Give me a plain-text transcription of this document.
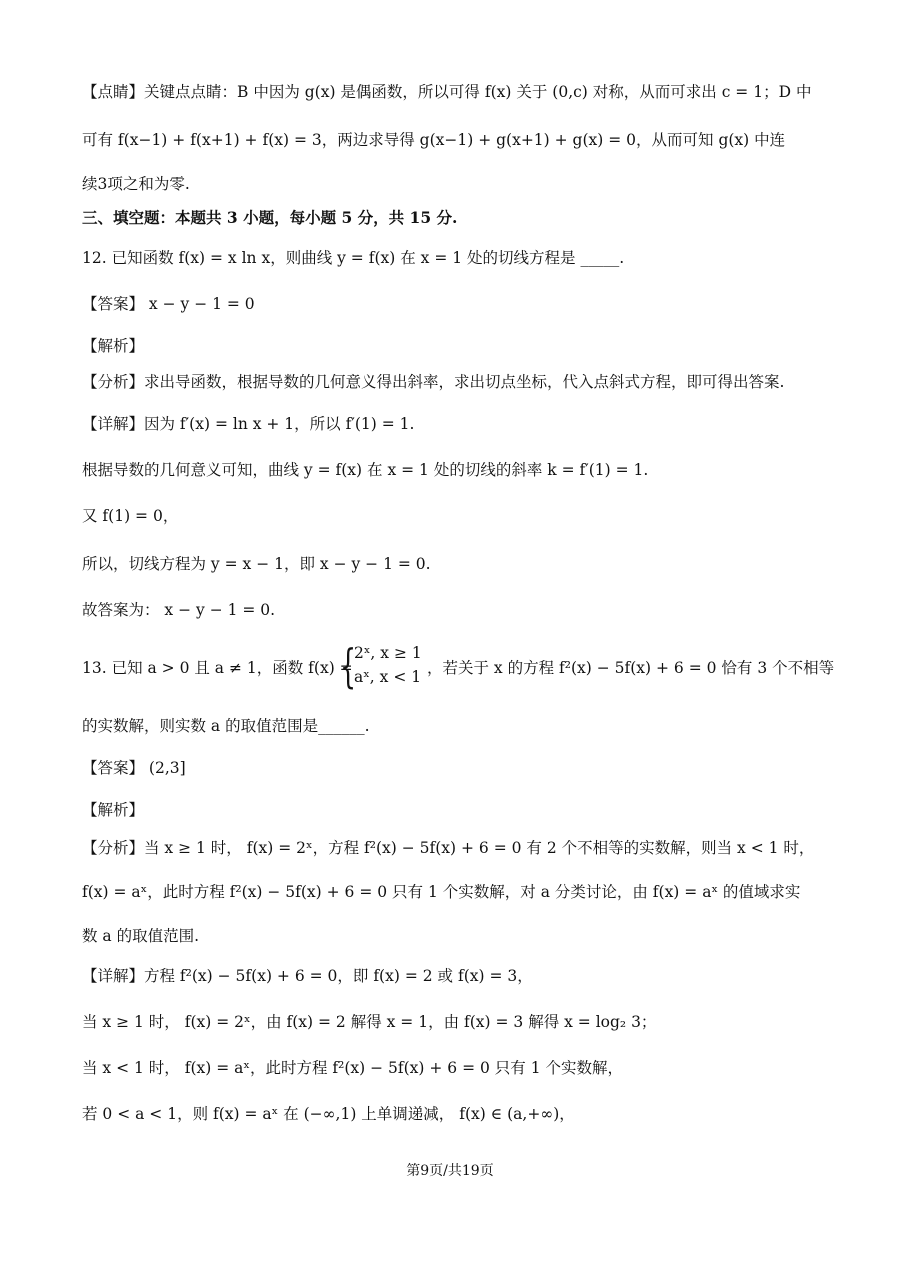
【点睛】关键点点睛：B 中因为 g(x) 是偶函数，所以可得 f(x) 关于 (0,c) 对称，从而可求出 c = 1；D 中
可有 f(x−1) + f(x+1) + f(x) = 3，两边求导得 g(x−1) + g(x+1) + g(x) = 0，从而可知 g(x) 中连
续3项之和为零.
三、填空题：本题共 3 小题，每小题 5 分，共 15 分.
12. 已知函数 f(x) = x ln x，则曲线 y = f(x) 在 x = 1 处的切线方程是 _____.
【答案】 x − y − 1 = 0
【解析】
【分析】求出导函数，根据导数的几何意义得出斜率，求出切点坐标，代入点斜式方程，即可得出答案.
【详解】因为 f′(x) = ln x + 1，所以 f′(1) = 1.
根据导数的几何意义可知，曲线 y = f(x) 在 x = 1 处的切线的斜率 k = f′(1) = 1.
又 f(1) = 0，
所以，切线方程为 y = x − 1，即 x − y − 1 = 0.
故答案为： x − y − 1 = 0.
13. 已知 a > 0 且 a ≠ 1，函数 f(x) =
{
2ˣ, x ≥ 1
aˣ, x < 1 ，若关于 x 的方程 f²(x) − 5f(x) + 6 = 0 恰有 3 个不相等
的实数解，则实数 a 的取值范围是______.
【答案】 (2,3]
【解析】
【分析】当 x ≥ 1 时， f(x) = 2ˣ，方程 f²(x) − 5f(x) + 6 = 0 有 2 个不相等的实数解，则当 x < 1 时，
f(x) = aˣ，此时方程 f²(x) − 5f(x) + 6 = 0 只有 1 个实数解，对 a 分类讨论，由 f(x) = aˣ 的值域求实
数 a 的取值范围.
【详解】方程 f²(x) − 5f(x) + 6 = 0，即 f(x) = 2 或 f(x) = 3，
当 x ≥ 1 时， f(x) = 2ˣ，由 f(x) = 2 解得 x = 1，由 f(x) = 3 解得 x = log₂ 3；
当 x < 1 时， f(x) = aˣ，此时方程 f²(x) − 5f(x) + 6 = 0 只有 1 个实数解，
若 0 < a < 1，则 f(x) = aˣ 在 (−∞,1) 上单调递减， f(x) ∈ (a,+∞)，
第9页/共19页
